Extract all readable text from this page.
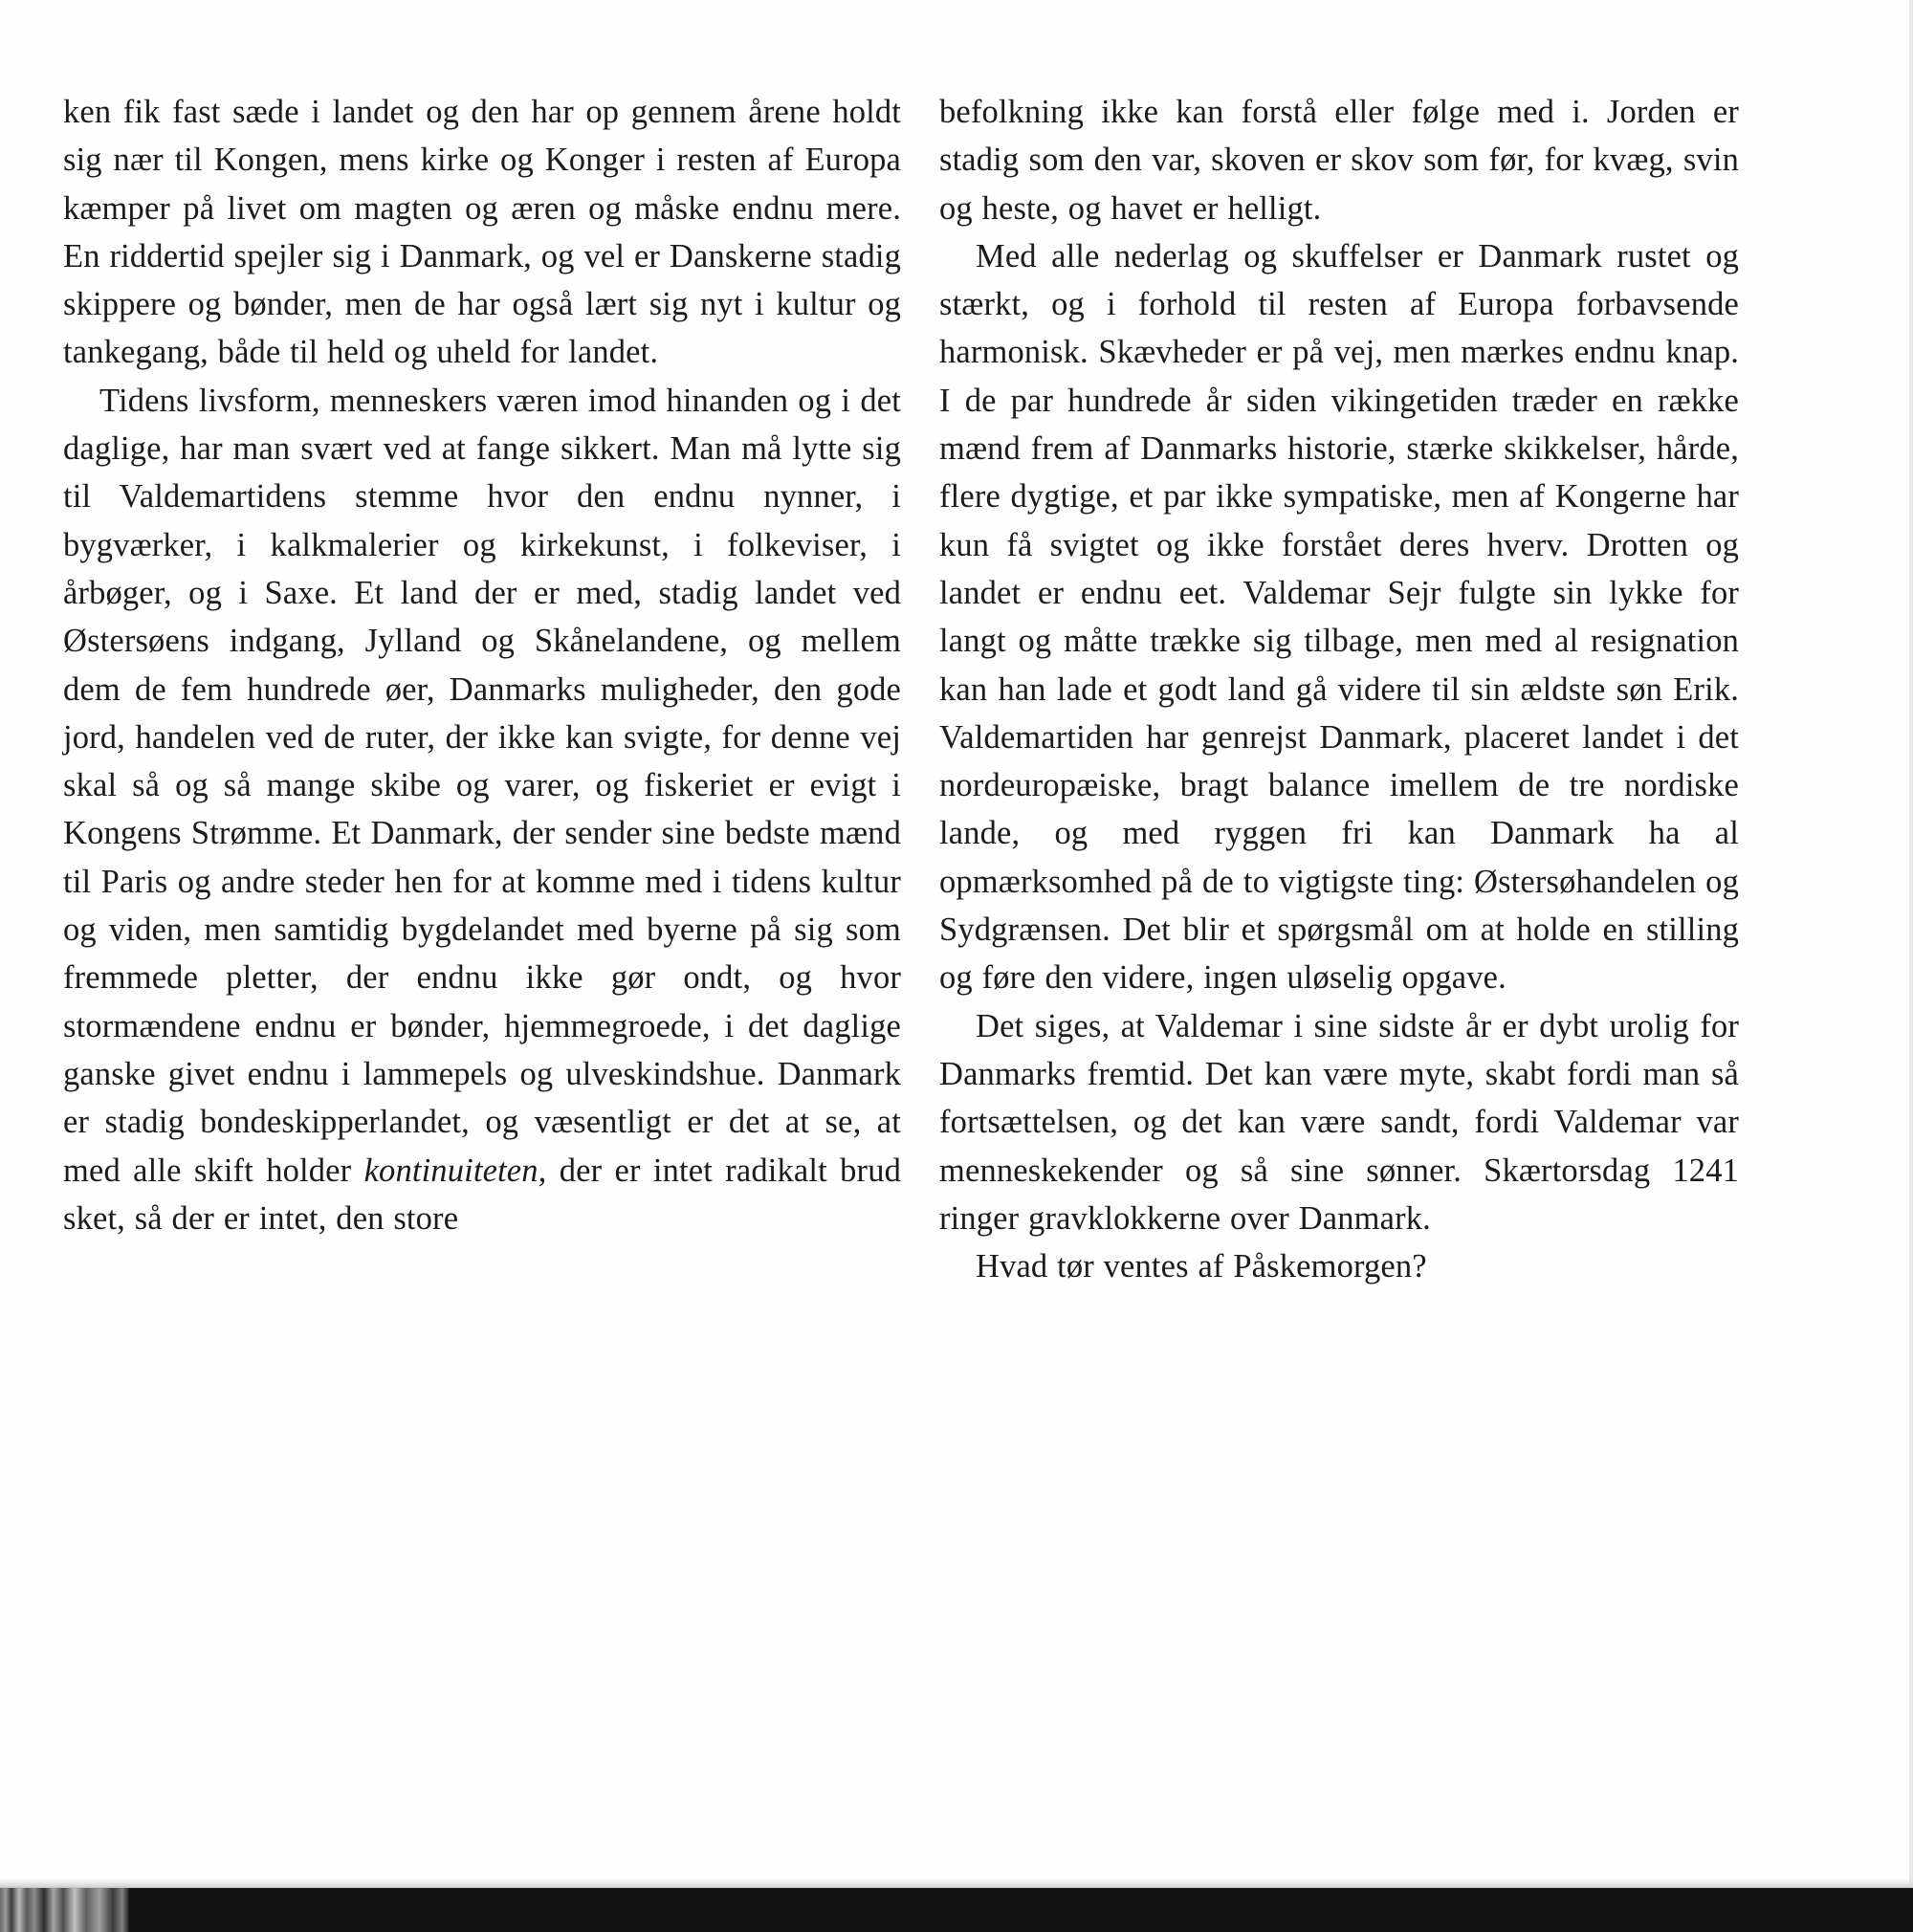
ken fik fast sæde i landet og den har op gennem årene holdt sig nær til Kongen, mens kirke og Konger i resten af Europa kæmper på livet om magten og æren og måske endnu mere. En riddertid spejler sig i Danmark, og vel er Danskerne stadig skippere og bønder, men de har også lært sig nyt i kultur og tankegang, både til held og uheld for landet.

Tidens livsform, menneskers væren imod hinanden og i det daglige, har man svært ved at fange sikkert. Man må lytte sig til Valdemartidens stemme hvor den endnu nynner, i bygværker, i kalkmalerier og kirkekunst, i folkeviser, i årbøger, og i Saxe. Et land der er med, stadig landet ved Østersøens indgang, Jylland og Skånelandene, og mellem dem de fem hundrede øer, Danmarks muligheder, den gode jord, handelen ved de ruter, der ikke kan svigte, for denne vej skal så og så mange skibe og varer, og fiskeriet er evigt i Kongens Strømme. Et Danmark, der sender sine bedste mænd til Paris og andre steder hen for at komme med i tidens kultur og viden, men samtidig bygdelandet med byerne på sig som fremmede pletter, der endnu ikke gør ondt, og hvor stormændene endnu er bønder, hjemmegroede, i det daglige ganske givet endnu i lammepels og ulveskindshue. Danmark er stadig bondeskipperlandet, og væsentligt er det at se, at med alle skift holder kontinuiteten, der er intet radikalt brud sket, så der er intet, den store

befolkning ikke kan forstå eller følge med i. Jorden er stadig som den var, skoven er skov som før, for kvæg, svin og heste, og havet er helligt.

Med alle nederlag og skuffelser er Danmark rustet og stærkt, og i forhold til resten af Europa forbavsende harmonisk. Skævheder er på vej, men mærkes endnu knap. I de par hundrede år siden vikingetiden træder en række mænd frem af Danmarks historie, stærke skikkelser, hårde, flere dygtige, et par ikke sympatiske, men af Kongerne har kun få svigtet og ikke forstået deres hverv. Drotten og landet er endnu eet. Valdemar Sejr fulgte sin lykke for langt og måtte trække sig tilbage, men med al resignation kan han lade et godt land gå videre til sin ældste søn Erik. Valdemartiden har genrejst Danmark, placeret landet i det nordeuropæiske, bragt balance imellem de tre nordiske lande, og med ryggen fri kan Danmark ha al opmærksomhed på de to vigtigste ting: Østersøhandelen og Sydgrænsen. Det blir et spørgsmål om at holde en stilling og føre den videre, ingen uløselig opgave.

Det siges, at Valdemar i sine sidste år er dybt urolig for Danmarks fremtid. Det kan være myte, skabt fordi man så fortsættelsen, og det kan være sandt, fordi Valdemar var menneskekender og så sine sønner. Skærtorsdag 1241 ringer gravklokkerne over Danmark.

Hvad tør ventes af Påskemorgen?
